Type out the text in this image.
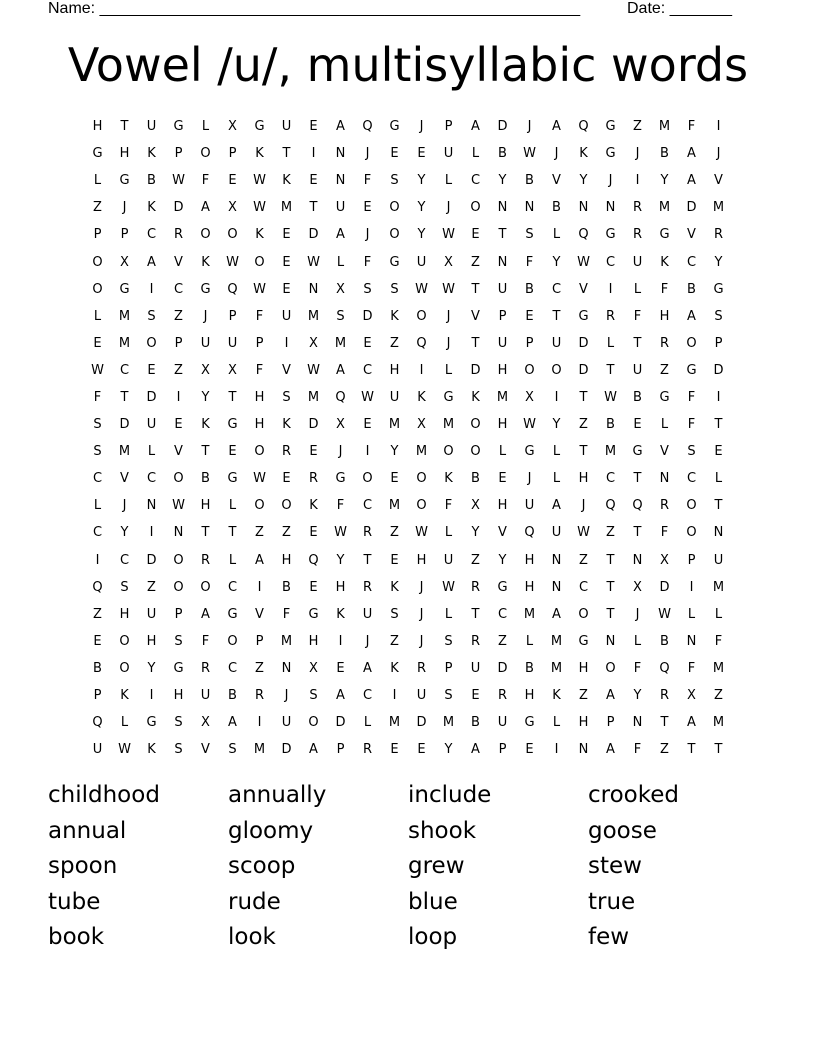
Name: ______________________________________________________	Date: _______
Vowel /u/, multisyllabic words
H	T	U	G	L	X	G	U	E	A	Q	G	J	P	A	D	J	A	Q	G	Z	M	F	I
G	H	K	P	O	P	K	T	I	N	J	E	E	U	L	B	W	J	K	G	J	B	A	J
L	G	B	W	F	E	W	K	E	N	F	S	Y	L	C	Y	B	V	Y	J	I	Y	A	V
Z	J	K	D	A	X	W	M	T	U	E	O	Y	J	O	N	N	B	N	N	R	M	D	M
P	P	C	R	O	O	K	E	D	A	J	O	Y	W	E	T	S	L	Q	G	R	G	V	R
O	X	A	V	K	W	O	E	W	L	F	G	U	X	Z	N	F	Y	W	C	U	K	C	Y
O	G	I	C	G	Q	W	E	N	X	S	S	W	W	T	U	B	C	V	I	L	F	B	G
L	M	S	Z	J	P	F	U	M	S	D	K	O	J	V	P	E	T	G	R	F	H	A	S
E	M	O	P	U	U	P	I	X	M	E	Z	Q	J	T	U	P	U	D	L	T	R	O	P
W	C	E	Z	X	X	F	V	W	A	C	H	I	L	D	H	O	O	D	T	U	Z	G	D
F	T	D	I	Y	T	H	S	M	Q	W	U	K	G	K	M	X	I	T	W	B	G	F	I
S	D	U	E	K	G	H	K	D	X	E	M	X	M	O	H	W	Y	Z	B	E	L	F	T
S	M	L	V	T	E	O	R	E	J	I	Y	M	O	O	L	G	L	T	M	G	V	S	E
C	V	C	O	B	G	W	E	R	G	O	E	O	K	B	E	J	L	H	C	T	N	C	L
L	J	N	W	H	L	O	O	K	F	C	M	O	F	X	H	U	A	J	Q	Q	R	O	T
C	Y	I	N	T	T	Z	Z	E	W	R	Z	W	L	Y	V	Q	U	W	Z	T	F	O	N
I	C	D	O	R	L	A	H	Q	Y	T	E	H	U	Z	Y	H	N	Z	T	N	X	P	U
Q	S	Z	O	O	C	I	B	E	H	R	K	J	W	R	G	H	N	C	T	X	D	I	M
Z	H	U	P	A	G	V	F	G	K	U	S	J	L	T	C	M	A	O	T	J	W	L	L
E	O	H	S	F	O	P	M	H	I	J	Z	J	S	R	Z	L	M	G	N	L	B	N	F
B	O	Y	G	R	C	Z	N	X	E	A	K	R	P	U	D	B	M	H	O	F	Q	F	M
P	K	I	H	U	B	R	J	S	A	C	I	U	S	E	R	H	K	Z	A	Y	R	X	Z
Q	L	G	S	X	A	I	U	O	D	L	M	D	M	B	U	G	L	H	P	N	T	A	M
U	W	K	S	V	S	M	D	A	P	R	E	E	Y	A	P	E	I	N	A	F	Z	T	T
childhood	annually	include	crooked
annual	gloomy	shook	goose
spoon	scoop	grew	stew
tube	rude	blue	true
book	look	loop	few
